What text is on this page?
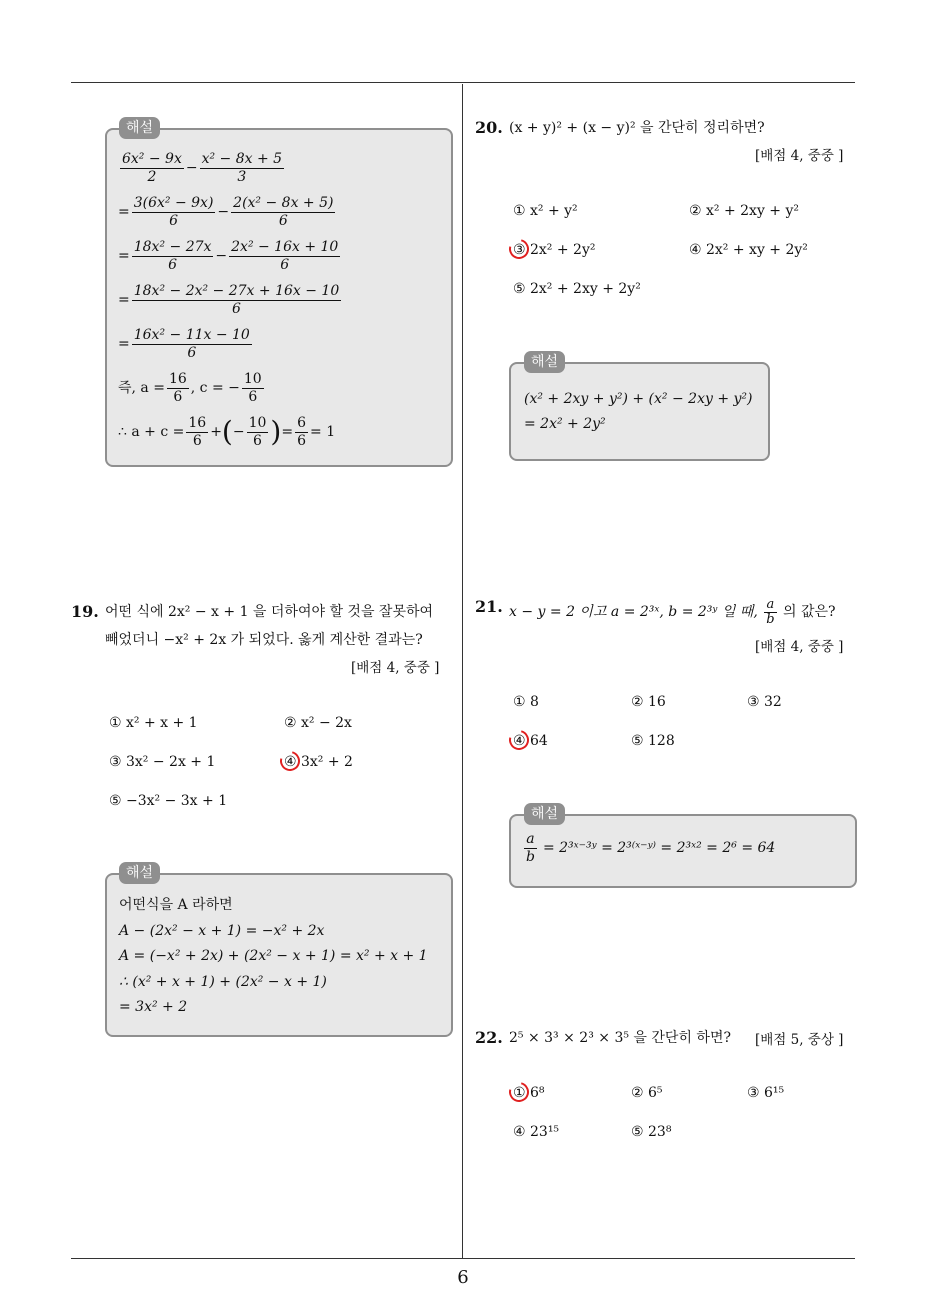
해설
6x² − 9x
2
− $\frac{\text{x² − 8x + 5}}{3}$
= $\frac{\text{3(6x² − 9x)}}{6} - \frac{\text{2(x² − 8x + 5)}}{6}$
= $\frac{\text{18x² − 27x}}{6} - \frac{\text{2x² − 16x + 10}}{6}$
= $\frac{\text{18x² − 2x² − 27x + 16x − 10}}{6}$
= $\frac{\text{16x² − 11x − 10}}{6}$
즉, $a = \frac{16}{6}$ , c = − $\frac{10}{6}$
∴ $a + c = \frac{16}{6}$ + ( − $\frac{10}{6}$ ) = $\frac{6}{6} = 1$
19. 어떤 식에 2x² − x + 1 을 더하여야 할 것을 잘못하여
빼었더니 −x² + 2x 가 되었다. 옳게 계산한 결과는?
[배점 4, 중중 ]
① x² + x + 1	② x² − 2x
③ 3x² − 2x + 1	④ 3x² + 2
⑤ −3x² − 3x + 1
해설
어떤식을 A 라하면
A − (2x² − x + 1) = −x² + 2x
A = (−x² + 2x) + (2x² − x + 1) = x² + x + 1
∴ (x² + x + 1) + (2x² − x + 1)
= 3x² + 2
20. (x + y)² + (x − y)² 을 간단히 정리하면?
[배점 4, 중중 ]
① x² + y²	② x² + 2xy + y²
③ 2x² + 2y²	④ 2x² + xy + 2y²
⑤ 2x² + 2xy + 2y²
해설
(x² + 2xy + y²) + (x² − 2xy + y²)
= 2x² + 2y²
21. x − y = 2 이고 a = 2³ˣ, b = 2³ʸ 일 때, $\frac{a}{b}$ 의 값은?
[배점 4, 중중 ]
① 8	② 16	③ 32
④ 64	⑤ 128
해설
$\frac{a}{b}$ = 2³ˣ⁻³ʸ = 2³⁽ˣ⁻ʸ⁾ = 2³ˣ² = 2⁶ = 64
22. 2⁵ × 3³ × 2³ × 3⁵ 을 간단히 하면? [배점 5, 중상 ]
① 6⁸	② 6⁵	③ 6¹⁵
④ 23¹⁵	⑤ 23⁸
6
